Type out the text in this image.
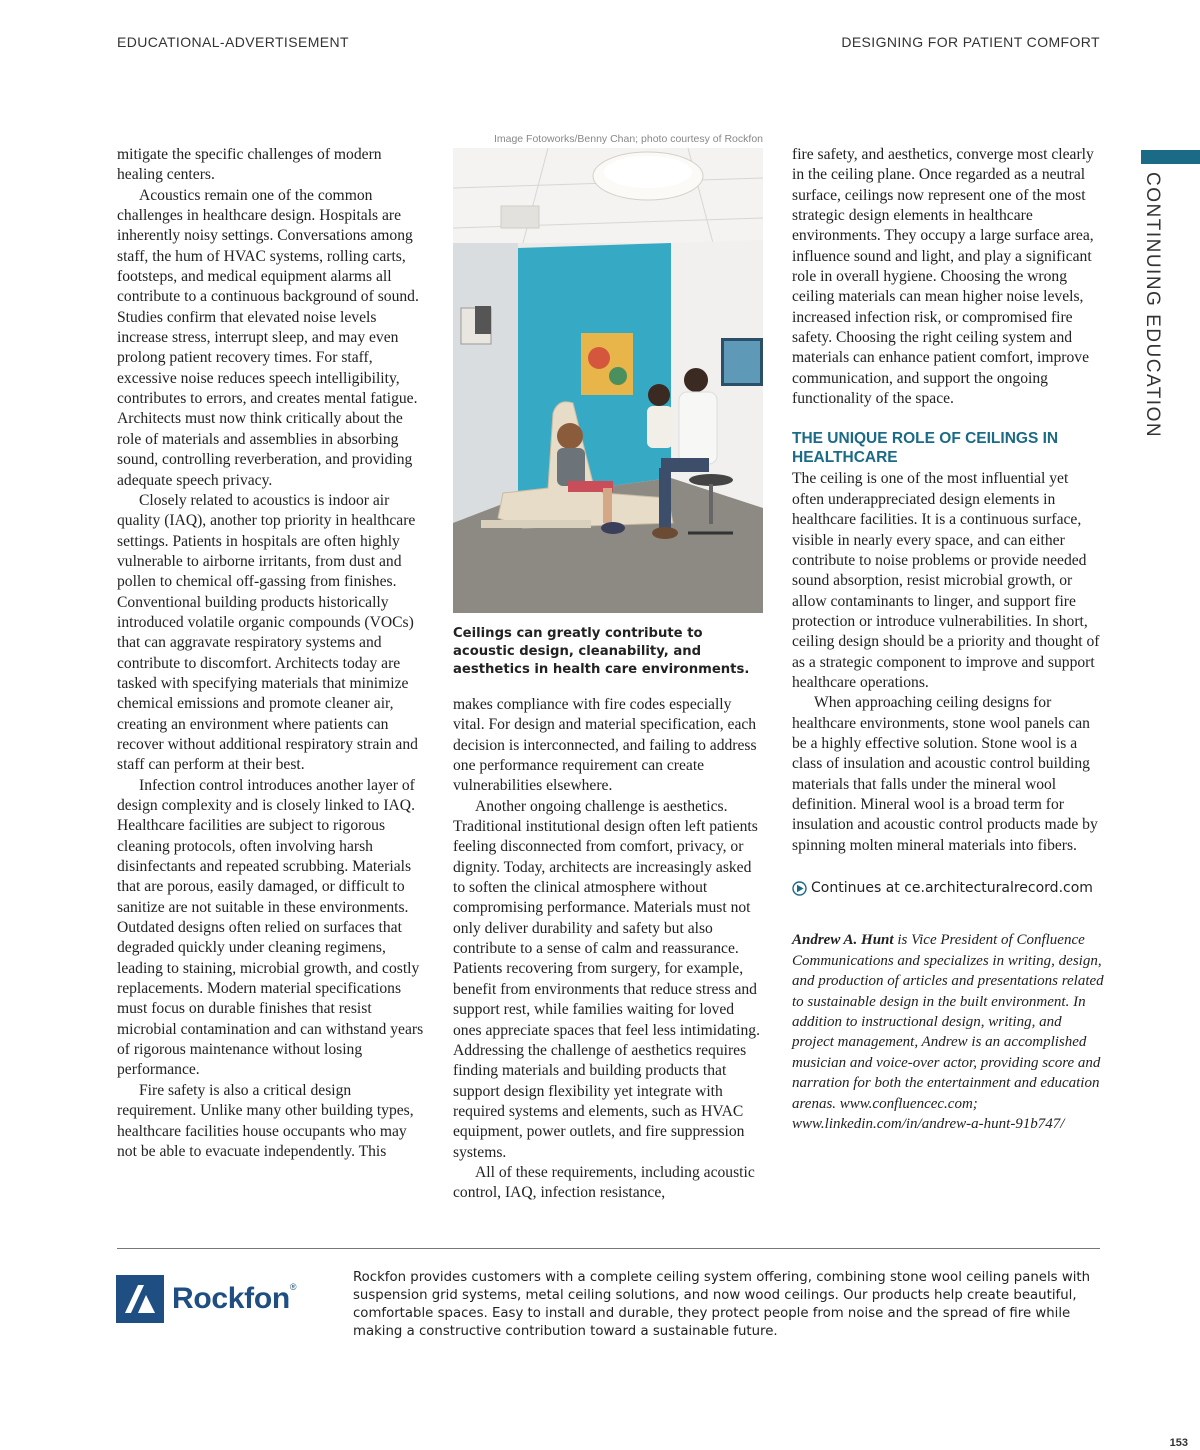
EDUCATIONAL-ADVERTISEMENT	DESIGNING FOR PATIENT COMFORT
CONTINUING EDUCATION

mitigate the specific challenges of modern healing centers.

Acoustics remain one of the common challenges in healthcare design. Hospitals are inherently noisy settings. Conversations among staff, the hum of HVAC systems, rolling carts, footsteps, and medical equipment alarms all contribute to a continuous background of sound. Studies confirm that elevated noise levels increase stress, interrupt sleep, and may even prolong patient recovery times. For staff, excessive noise reduces speech intelligibility, contributes to errors, and creates mental fatigue. Architects must now think critically about the role of materials and assemblies in absorbing sound, controlling reverberation, and providing adequate speech privacy.

Closely related to acoustics is indoor air quality (IAQ), another top priority in healthcare settings. Patients in hospitals are often highly vulnerable to airborne irritants, from dust and pollen to chemical off-gassing from finishes. Conventional building products historically introduced volatile organic compounds (VOCs) that can aggravate respiratory systems and contribute to discomfort. Architects today are tasked with specifying materials that minimize chemical emissions and promote cleaner air, creating an environment where patients can recover without additional respiratory strain and staff can perform at their best.

Infection control introduces another layer of design complexity and is closely linked to IAQ. Healthcare facilities are subject to rigorous cleaning protocols, often involving harsh disinfectants and repeated scrubbing. Materials that are porous, easily damaged, or difficult to sanitize are not suitable in these environments. Outdated designs often relied on surfaces that degraded quickly under cleaning regimens, leading to staining, microbial growth, and costly replacements. Modern material specifications must focus on durable finishes that resist microbial contamination and can withstand years of rigorous maintenance without losing performance.

Fire safety is also a critical design requirement. Unlike many other building types, healthcare facilities house occupants who may not be able to evacuate independently. This

Image Fotoworks/Benny Chan; photo courtesy of Rockfon
Ceilings can greatly contribute to acoustic design, cleanability, and aesthetics in health care environments.

makes compliance with fire codes especially vital. For design and material specification, each decision is interconnected, and failing to address one performance requirement can create vulnerabilities elsewhere.

Another ongoing challenge is aesthetics. Traditional institutional design often left patients feeling disconnected from comfort, privacy, or dignity. Today, architects are increasingly asked to soften the clinical atmosphere without compromising performance. Materials must not only deliver durability and safety but also contribute to a sense of calm and reassurance. Patients recovering from surgery, for example, benefit from environments that reduce stress and support rest, while families waiting for loved ones appreciate spaces that feel less intimidating. Addressing the challenge of aesthetics requires finding materials and building products that support design flexibility yet integrate with required systems and elements, such as HVAC equipment, power outlets, and fire suppression systems.

All of these requirements, including acoustic control, IAQ, infection resistance,

fire safety, and aesthetics, converge most clearly in the ceiling plane. Once regarded as a neutral surface, ceilings now represent one of the most strategic design elements in healthcare environments. They occupy a large surface area, influence sound and light, and play a significant role in overall hygiene. Choosing the wrong ceiling materials can mean higher noise levels, increased infection risk, or compromised fire safety. Choosing the right ceiling system and materials can enhance patient comfort, improve communication, and support the ongoing functionality of the space.

THE UNIQUE ROLE OF CEILINGS IN HEALTHCARE

The ceiling is one of the most influential yet often underappreciated design elements in healthcare facilities. It is a continuous surface, visible in nearly every space, and can either contribute to noise problems or provide needed sound absorption, resist microbial growth, or allow contaminants to linger, and support fire protection or introduce vulnerabilities. In short, ceiling design should be a priority and thought of as a strategic component to improve and support healthcare operations.

When approaching ceiling designs for healthcare environments, stone wool panels can be a highly effective solution. Stone wool is a class of insulation and acoustic control building materials that falls under the mineral wool definition. Mineral wool is a broad term for insulation and acoustic control products made by spinning molten mineral materials into fibers.

Continues at ce.architecturalrecord.com

Andrew A. Hunt is Vice President of Confluence Communications and specializes in writing, design, and production of articles and presentations related to sustainable design in the built environment. In addition to instructional design, writing, and project management, Andrew is an accomplished musician and voice-over actor, providing score and narration for both the entertainment and education arenas. www.confluencec.com; www.linkedin.com/in/andrew-a-hunt-91b747/

Rockfon®
Rockfon provides customers with a complete ceiling system offering, combining stone wool ceiling panels with suspension grid systems, metal ceiling solutions, and now wood ceilings. Our products help create beautiful, comfortable spaces. Easy to install and durable, they protect people from noise and the spread of fire while making a constructive contribution toward a sustainable future.
153
